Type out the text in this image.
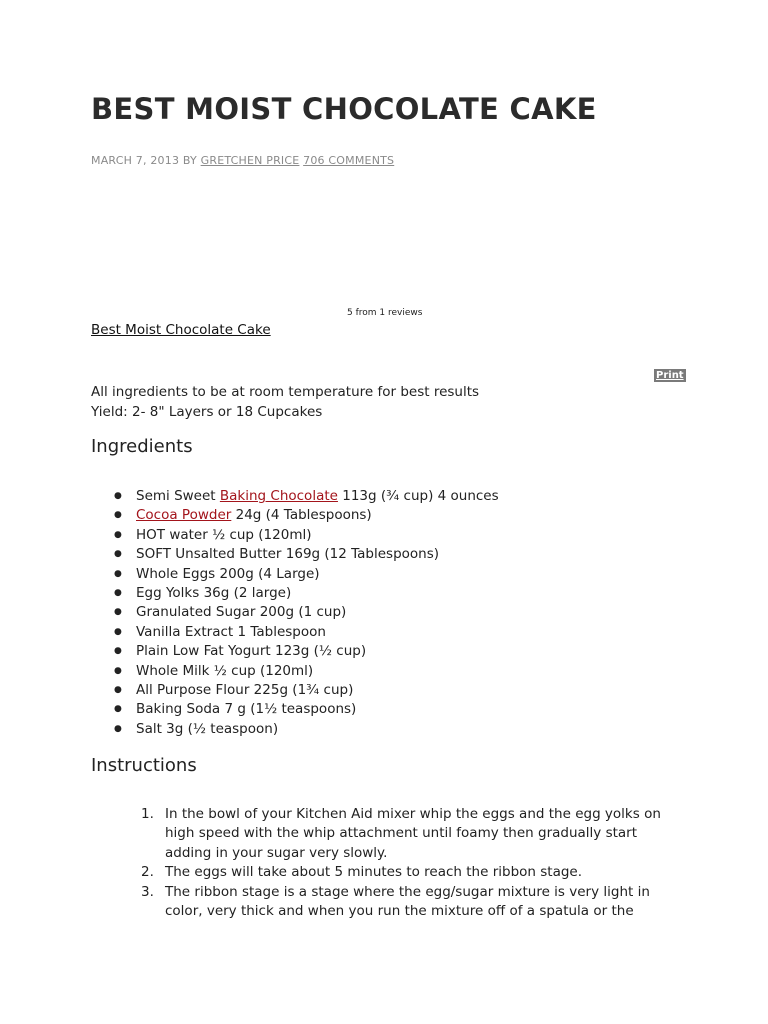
BEST MOIST CHOCOLATE CAKE
MARCH 7, 2013 BY GRETCHEN PRICE 706 COMMENTS
5 from 1 reviews
Best Moist Chocolate Cake
Print
All ingredients to be at room temperature for best results
Yield: 2- 8" Layers or 18 Cupcakes
Ingredients
● Semi Sweet Baking Chocolate 113g (¾ cup) 4 ounces
● Cocoa Powder 24g (4 Tablespoons)
● HOT water ½ cup (120ml)
● SOFT Unsalted Butter 169g (12 Tablespoons)
● Whole Eggs 200g (4 Large)
● Egg Yolks 36g (2 large)
● Granulated Sugar 200g (1 cup)
● Vanilla Extract 1 Tablespoon
● Plain Low Fat Yogurt 123g (½ cup)
● Whole Milk ½ cup (120ml)
● All Purpose Flour 225g (1¾ cup)
● Baking Soda 7 g (1½ teaspoons)
● Salt 3g (½ teaspoon)
Instructions
1. In the bowl of your Kitchen Aid mixer whip the eggs and the egg yolks on
high speed with the whip attachment until foamy then gradually start
adding in your sugar very slowly.
2. The eggs will take about 5 minutes to reach the ribbon stage.
3. The ribbon stage is a stage where the egg/sugar mixture is very light in
color, very thick and when you run the mixture off of a spatula or the
